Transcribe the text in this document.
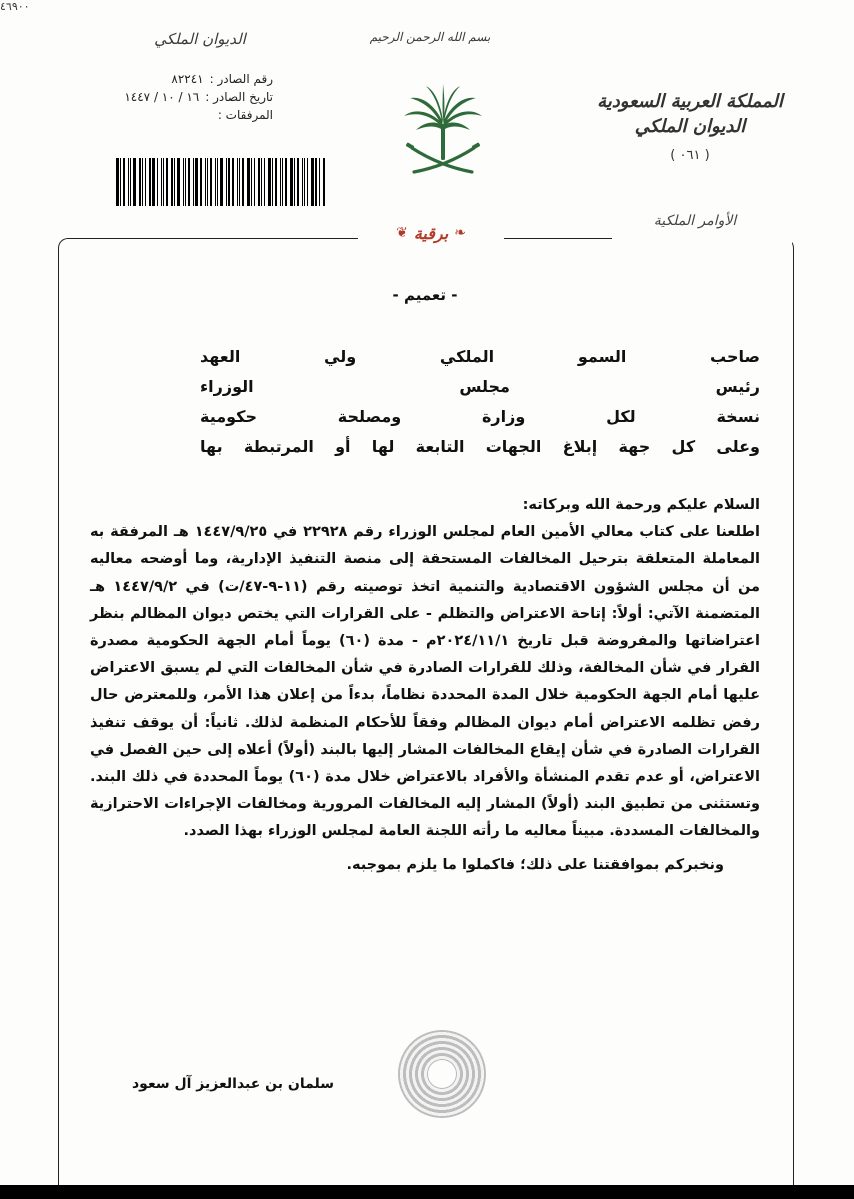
الديوان الملكي	بسم الله الرحمن الرحيم
٤٦٩٠٠
رقم الصادر :
٨٢٢٤١
تاريخ الصادر :
١٦ / ١٠ / ١٤٤٧
المرفقات :
المملكة العربية السعودية
الديوان الملكي
( ٠٦١ )
الأوامر الملكية
❦ برقية ❧
- تعميم -
صاحب السمو الملكي ولي العهد
رئيس مجلس الوزراء
نسخة لكل وزارة ومصلحة حكومية
وعلى كل جهة إبلاغ الجهات التابعة لها أو المرتبطة بها
السلام عليكم ورحمة الله وبركاته:
اطلعنا على كتاب معالي الأمين العام لمجلس الوزراء رقم ٢٢٩٢٨ في ١٤٤٧/٩/٢٥ هـ المرفقة به المعاملة المتعلقة بترحيل المخالفات المستحقة إلى منصة التنفيذ الإدارية، وما أوضحه معاليه من أن مجلس الشؤون الاقتصادية والتنمية اتخذ توصيته رقم (١١-٩-٤٧/ت) في ١٤٤٧/٩/٢ هـ المتضمنة الآتي: أولاً: إتاحة الاعتراض والتظلم - على القرارات التي يختص ديوان المظالم بنظر اعتراضاتها والمفروضة قبل تاريخ ٢٠٢٤/١١/١م - مدة (٦٠) يوماً أمام الجهة الحكومية مصدرة القرار في شأن المخالفة، وذلك للقرارات الصادرة في شأن المخالفات التي لم يسبق الاعتراض عليها أمام الجهة الحكومية خلال المدة المحددة نظاماً، بدءاً من إعلان هذا الأمر، وللمعترض حال رفض تظلمه الاعتراض أمام ديوان المظالم وفقاً للأحكام المنظمة لذلك. ثانياً: أن يوقف تنفيذ القرارات الصادرة في شأن إيقاع المخالفات المشار إليها بالبند (أولاً) أعلاه إلى حين الفصل في الاعتراض، أو عدم تقدم المنشأة والأفراد بالاعتراض خلال مدة (٦٠) يوماً المحددة في ذلك البند. وتستثنى من تطبيق البند (أولاً) المشار إليه المخالفات المرورية ومخالفات الإجراءات الاحترازية والمخالفات المسددة. مبيناً معاليه ما رأته اللجنة العامة لمجلس الوزراء بهذا الصدد.
ونخبركم بموافقتنا على ذلك؛ فاكملوا ما يلزم بموجبه.
سلمان بن عبدالعزيز آل سعود
